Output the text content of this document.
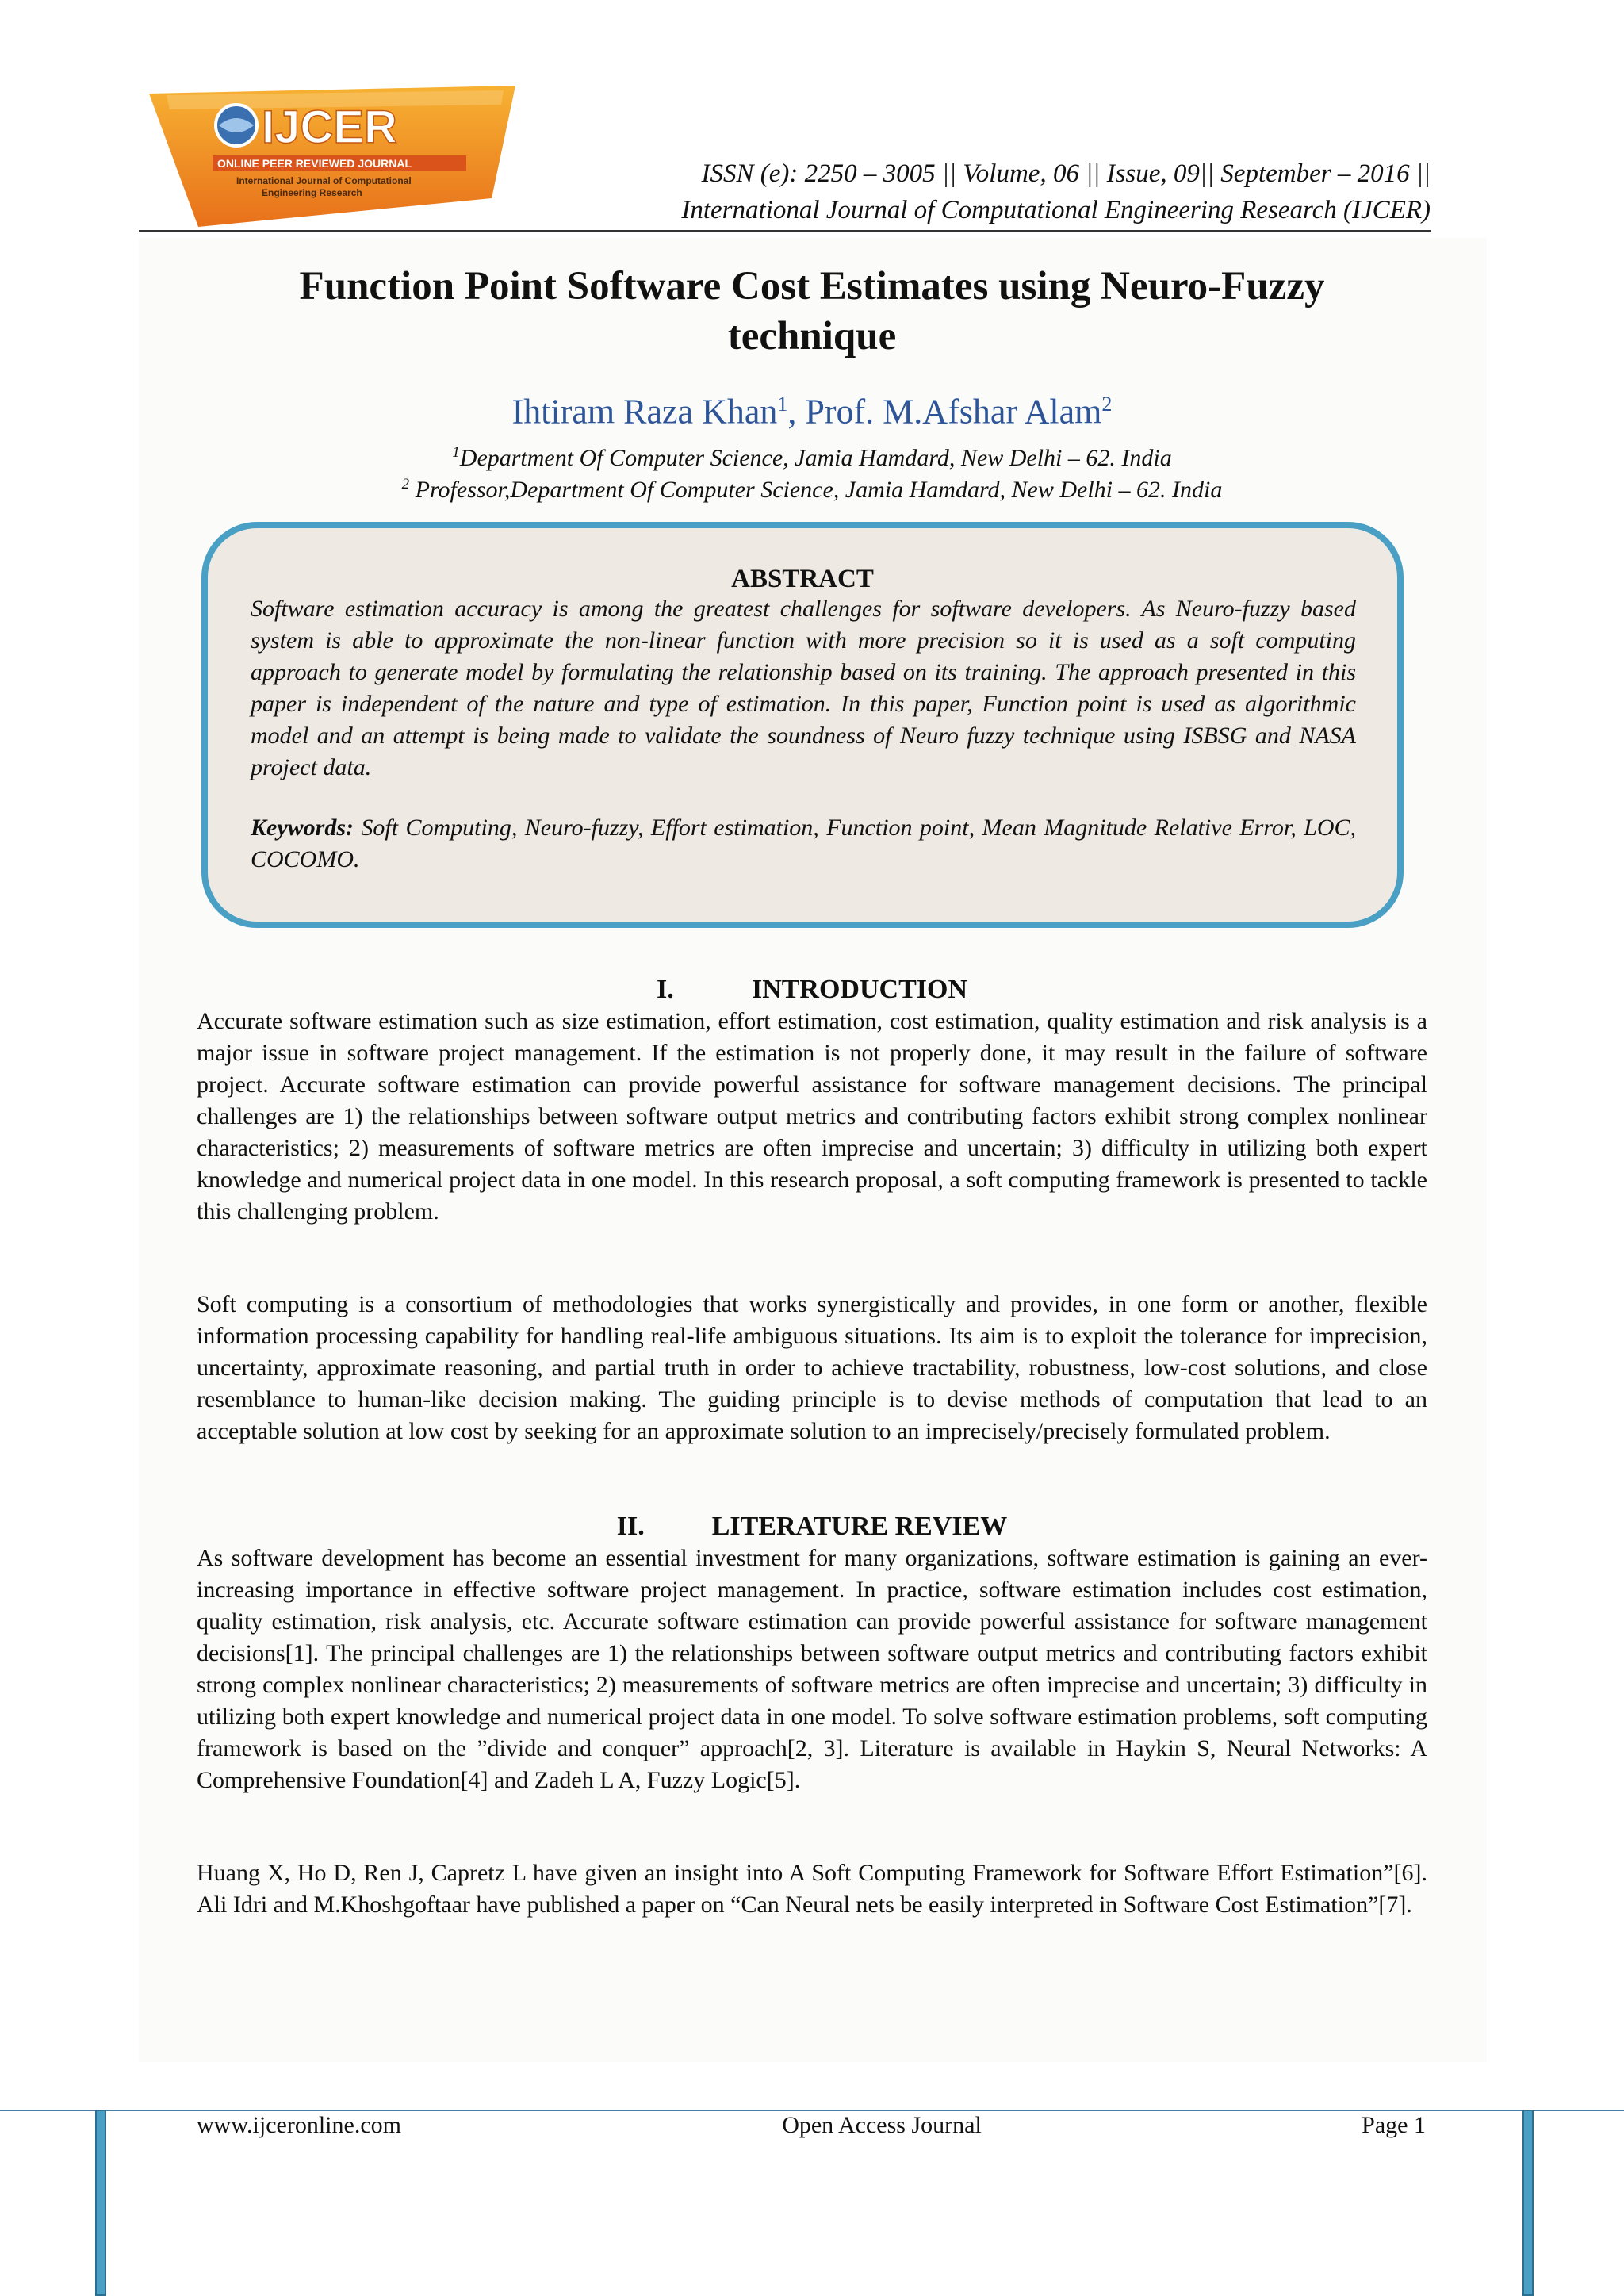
IJCER
ONLINE PEER REVIEWED JOURNAL
International Journal of Computational
Engineering Research
ISSN (e): 2250 – 3005 || Volume, 06 || Issue, 09|| September – 2016 ||
International Journal of Computational Engineering Research (IJCER)
Function Point Software Cost Estimates using Neuro-Fuzzy
technique
Ihtiram Raza Khan$^1$, Prof. M.Afshar Alam$^2$
$^1$Department Of Computer Science, Jamia Hamdard, New Delhi – 62. India
$^2$ Professor,Department Of Computer Science, Jamia Hamdard, New Delhi – 62. India
ABSTRACT
Software estimation accuracy is among the greatest challenges for software developers. As Neuro-fuzzy based system is able to approximate the non-linear function with more precision so it is used as a soft computing approach to generate model by formulating the relationship based on its training. The approach presented in this paper is independent of the nature and type of estimation. In this paper, Function point is used as algorithmic model and an attempt is being made to validate the soundness of Neuro fuzzy technique using ISBSG and NASA project data.
Keywords: Soft Computing, Neuro-fuzzy, Effort estimation, Function point, Mean Magnitude Relative Error, LOC, COCOMO.
I.	INTRODUCTION
Accurate software estimation such as size estimation, effort estimation, cost estimation, quality estimation and risk analysis is a major issue in software project management. If the estimation is not properly done, it may result in the failure of software project. Accurate software estimation can provide powerful assistance for software management decisions. The principal challenges are 1) the relationships between software output metrics and contributing factors exhibit strong complex nonlinear characteristics; 2) measurements of software metrics are often imprecise and uncertain; 3) difficulty in utilizing both expert knowledge and numerical project data in one model. In this research proposal, a soft computing framework is presented to tackle this challenging problem.
Soft computing is a consortium of methodologies that works synergistically and provides, in one form or another, flexible information processing capability for handling real-life ambiguous situations. Its aim is to exploit the tolerance for imprecision, uncertainty, approximate reasoning, and partial truth in order to achieve tractability, robustness, low-cost solutions, and close resemblance to human-like decision making. The guiding principle is to devise methods of computation that lead to an acceptable solution at low cost by seeking for an approximate solution to an imprecisely/precisely formulated problem.
II.	LITERATURE REVIEW
As software development has become an essential investment for many organizations, software estimation is gaining an ever-increasing importance in effective software project management. In practice, software estimation includes cost estimation, quality estimation, risk analysis, etc. Accurate software estimation can provide powerful assistance for software management decisions[1]. The principal challenges are 1) the relationships between software output metrics and contributing factors exhibit strong complex nonlinear characteristics; 2) measurements of software metrics are often imprecise and uncertain; 3) difficulty in utilizing both expert knowledge and numerical project data in one model. To solve software estimation problems, soft computing framework is based on the ”divide and conquer” approach[2, 3]. Literature is available in Haykin S, Neural Networks: A Comprehensive Foundation[4] and Zadeh L A, Fuzzy Logic[5].
Huang X, Ho D, Ren J, Capretz L have given an insight into A Soft Computing Framework for Software Effort Estimation”[6]. Ali Idri and M.Khoshgoftaar have published a paper on “Can Neural nets be easily interpreted in Software Cost Estimation”[7].
www.ijceronline.com	Open Access Journal	Page 1
